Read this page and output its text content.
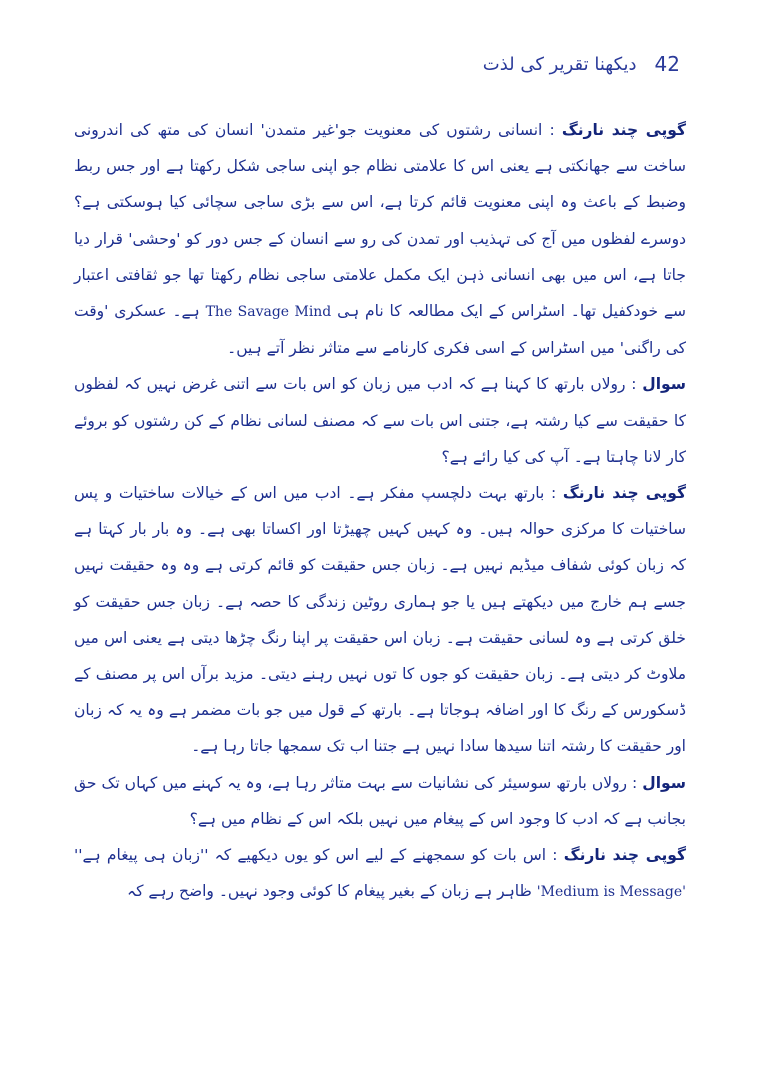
42
دیکھنا تقریر کی لذت

گوپی چند نارنگ : انسانی رشتوں کی معنویت جو'غیر متمدن' انسان کی متھ کی اندرونی ساخت سے جھانکتی ہے یعنی اس کا علامتی نظام جو اپنی ساجی شکل رکھتا ہے اور جس ربط وضبط کے باعث وہ اپنی معنویت قائم کرتا ہے، اس سے بڑی ساجی سچائی کیا ہوسکتی ہے؟ دوسرے لفظوں میں آج کی تہذیب اور تمدن کی رو سے انسان کے جس دور کو 'وحشی' قرار دیا جاتا ہے، اس میں بھی انسانی ذہن ایک مکمل علامتی ساجی نظام رکھتا تھا جو ثقافتی اعتبار سے خودکفیل تھا۔ اسٹراس کے ایک مطالعہ کا نام ہی The Savage Mind ہے۔ عسکری 'وقت کی راگنی' میں اسٹراس کے اسی فکری کارنامے سے متاثر نظر آتے ہیں۔

سوال : رولاں بارتھ کا کہنا ہے کہ ادب میں زبان کو اس بات سے اتنی غرض نہیں کہ لفظوں کا حقیقت سے کیا رشتہ ہے، جتنی اس بات سے کہ مصنف لسانی نظام کے کن رشتوں کو بروئے کار لانا چاہتا ہے۔ آپ کی کیا رائے ہے؟

گوپی چند نارنگ : بارتھ بہت دلچسپ مفکر ہے۔ ادب میں اس کے خیالات ساختیات و پس ساختیات کا مرکزی حوالہ ہیں۔ وہ کہیں کہیں چھیڑتا اور اکساتا بھی ہے۔ وہ بار بار کہتا ہے کہ زبان کوئی شفاف میڈیم نہیں ہے۔ زبان جس حقیقت کو قائم کرتی ہے وہ وہ حقیقت نہیں جسے ہم خارج میں دیکھتے ہیں یا جو ہماری روٹین زندگی کا حصہ ہے۔ زبان جس حقیقت کو خلق کرتی ہے وہ لسانی حقیقت ہے۔ زبان اس حقیقت پر اپنا رنگ چڑھا دیتی ہے یعنی اس میں ملاوٹ کر دیتی ہے۔ زبان حقیقت کو جوں کا توں نہیں رہنے دیتی۔ مزید برآں اس پر مصنف کے ڈسکورس کے رنگ کا اور اضافہ ہوجاتا ہے۔ بارتھ کے قول میں جو بات مضمر ہے وہ یہ کہ زبان اور حقیقت کا رشتہ اتنا سیدھا سادا نہیں ہے جتنا اب تک سمجھا جاتا رہا ہے۔

سوال : رولاں بارتھ سوسیئر کی نشانیات سے بہت متاثر رہا ہے، وہ یہ کہنے میں کہاں تک حق بجانب ہے کہ ادب کا وجود اس کے پیغام میں نہیں بلکہ اس کے نظام میں ہے؟

گوپی چند نارنگ : اس بات کو سمجھنے کے لیے اس کو یوں دیکھیے کہ ''زبان ہی پیغام ہے'' 'Medium is Message' ظاہر ہے زبان کے بغیر پیغام کا کوئی وجود نہیں۔ واضح رہے کہ
